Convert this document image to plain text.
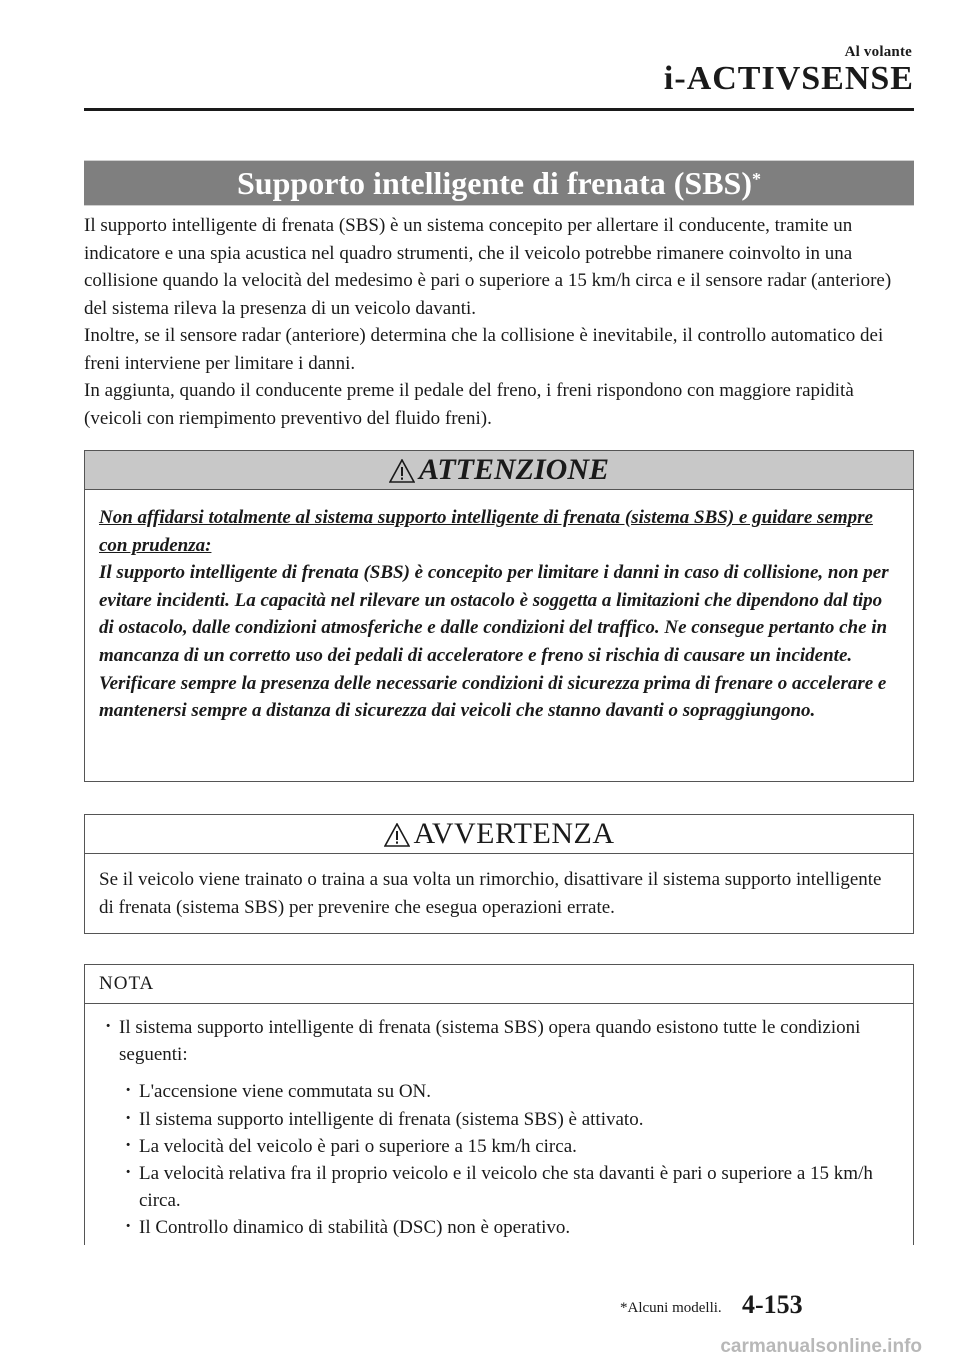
Al volante
i-ACTIVSENSE
Supporto intelligente di frenata (SBS)*

Il supporto intelligente di frenata (SBS) è un sistema concepito per allertare il conducente, tramite un indicatore e una spia acustica nel quadro strumenti, che il veicolo potrebbe rimanere coinvolto in una collisione quando la velocità del medesimo è pari o superiore a 15 km/h circa e il sensore radar (anteriore) del sistema rileva la presenza di un veicolo davanti.

Inoltre, se il sensore radar (anteriore) determina che la collisione è inevitabile, il controllo automatico dei freni interviene per limitare i danni.

In aggiunta, quando il conducente preme il pedale del freno, i freni rispondono con maggiore rapidità (veicoli con riempimento preventivo del fluido freni).

ATTENZIONE
Non affidarsi totalmente al sistema supporto intelligente di frenata (sistema SBS) e guidare sempre con prudenza:
Il supporto intelligente di frenata (SBS) è concepito per limitare i danni in caso di collisione, non per evitare incidenti. La capacità nel rilevare un ostacolo è soggetta a limitazioni che dipendono dal tipo di ostacolo, dalle condizioni atmosferiche e dalle condizioni del traffico. Ne consegue pertanto che in mancanza di un corretto uso dei pedali di acceleratore e freno si rischia di causare un incidente. Verificare sempre la presenza delle necessarie condizioni di sicurezza prima di frenare o accelerare e mantenersi sempre a distanza di sicurezza dai veicoli che stanno davanti o sopraggiungono.
AVVERTENZA
Se il veicolo viene trainato o traina a sua volta un rimorchio, disattivare il sistema supporto intelligente di frenata (sistema SBS) per prevenire che esegua operazioni errate.
NOTA
· Il sistema supporto intelligente di frenata (sistema SBS) opera quando esistono tutte le condizioni seguenti:
· L'accensione viene commutata su ON.
· Il sistema supporto intelligente di frenata (sistema SBS) è attivato.
· La velocità del veicolo è pari o superiore a 15 km/h circa.
· La velocità relativa fra il proprio veicolo e il veicolo che sta davanti è pari o superiore a 15 km/h circa.
· Il Controllo dinamico di stabilità (DSC) non è operativo.
*Alcuni modelli. 4-153
carmanualsonline.info
